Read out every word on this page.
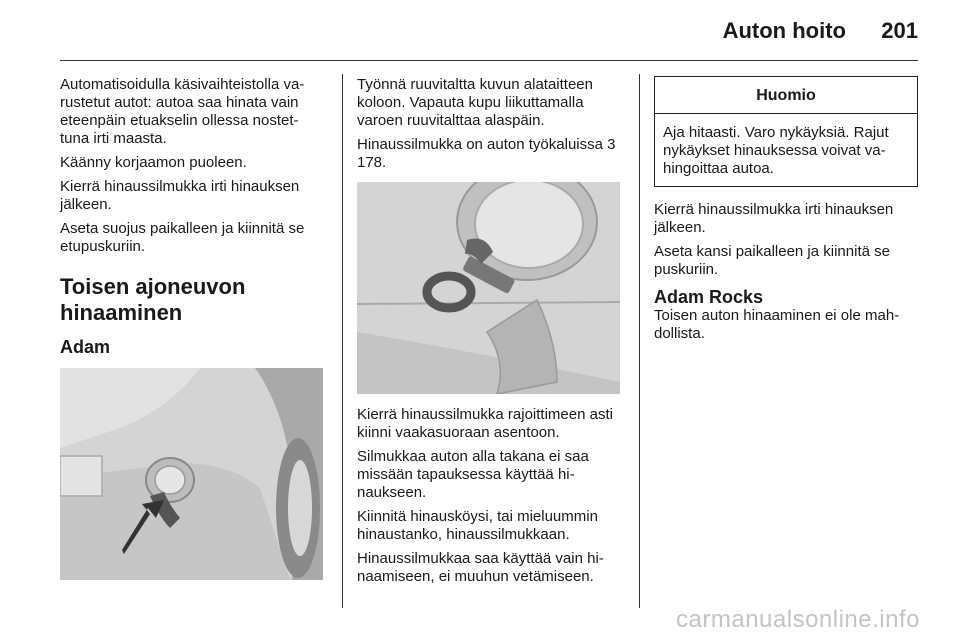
Auton hoito 201

Automatisoidulla käsivaihteistolla va-rustetut autot: autoa saa hinata vain eteenpäin etuakselin ollessa nostet-tuna irti maasta.

Käänny korjaamon puoleen.

Kierrä hinaussilmukka irti hinauksen jälkeen.

Aseta suojus paikalleen ja kiinnitä se etupuskuriin.

Toisen ajoneuvon hinaaminen
Adam

Työnnä ruuvitaltta kuvun alataitteen koloon. Vapauta kupu liikuttamalla varoen ruuvitalttaa alaspäin.

Hinaussilmukka on auton työkaluissa 3 178.

Kierrä hinaussilmukka rajoittimeen asti kiinni vaakasuoraan asentoon.

Silmukkaa auton alla takana ei saa missään tapauksessa käyttää hi-naukseen.

Kiinnitä hinausköysi, tai mieluummin hinaustanko, hinaussilmukkaan.

Hinaussilmukkaa saa käyttää vain hi-naamiseen, ei muuhun vetämiseen.

Huomio
Aja hitaasti. Varo nykäyksiä. Rajut nykäykset hinauksessa voivat va-hingoittaa autoa.

Kierrä hinaussilmukka irti hinauksen jälkeen.

Aseta kansi paikalleen ja kiinnitä se puskuriin.

Adam Rocks

Toisen auton hinaaminen ei ole mah-dollista.

carmanualsonline.info
